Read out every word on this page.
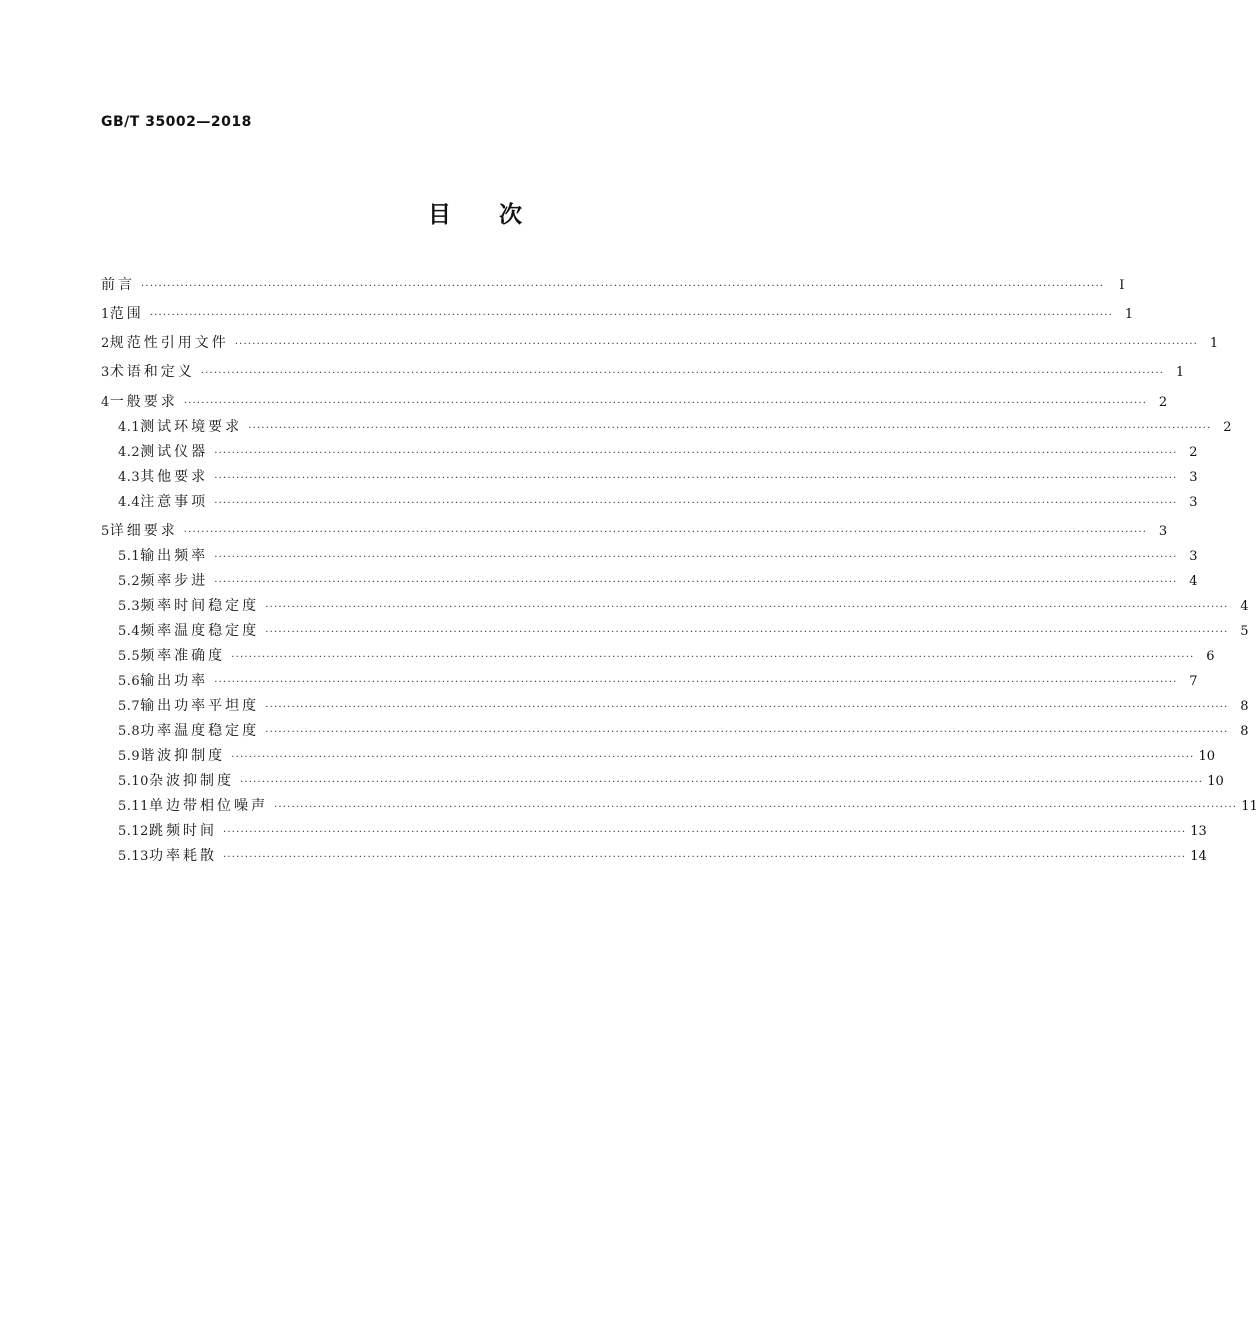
GB/T 35002—2018
目次
前言 ····························································································································································································································	Ⅰ
1 范围 ···························································································································································································································· 1
2 规范性引用文件 ···························································································································································································································· 1
3 术语和定义 ···························································································································································································································· 1
4 一般要求 ···························································································································································································································· 2
4.1 测试环境要求 ···························································································································································································································· 2
4.2 测试仪器 ···························································································································································································································· 2
4.3 其他要求 ···························································································································································································································· 3
4.4 注意事项 ···························································································································································································································· 3
5 详细要求 ···························································································································································································································· 3
5.1 输出频率 ···························································································································································································································· 3
5.2 频率步进 ···························································································································································································································· 4
5.3 频率时间稳定度 ···························································································································································································································· 4
5.4 频率温度稳定度 ···························································································································································································································· 5
5.5 频率准确度 ···························································································································································································································· 6
5.6 输出功率 ···························································································································································································································· 7
5.7 输出功率平坦度 ···························································································································································································································· 8
5.8 功率温度稳定度 ···························································································································································································································· 8
5.9 谐波抑制度 ···························································································································································································································· 10
5.10 杂波抑制度 ···························································································································································································································· 10
5.11 单边带相位噪声 ···························································································································································································································· 11
5.12 跳频时间 ···························································································································································································································· 13
5.13 功率耗散 ···························································································································································································································· 14
